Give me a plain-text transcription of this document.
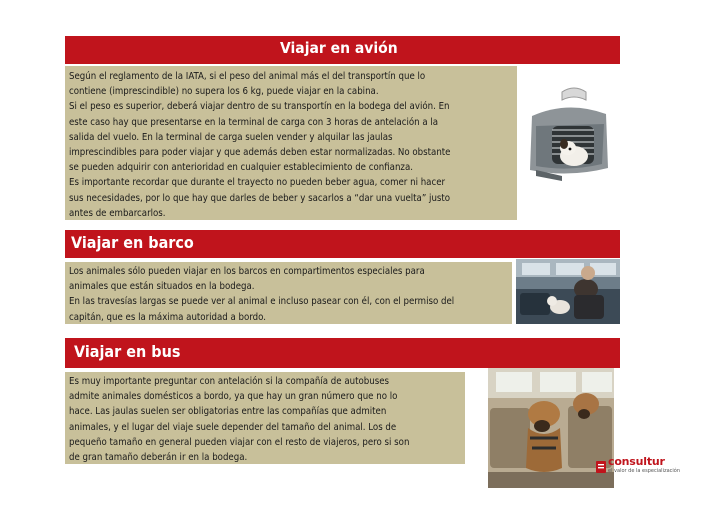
Viajar en avión

Según el reglamento de la IATA, si el peso del animal más el del transportín que lo

contiene (imprescindible) no supera los 6 kg, puede viajar en la cabina.

Si el peso es superior, deberá viajar dentro de su transportín en la bodega del avión. En

este caso hay que presentarse en la terminal de carga con 3 horas de antelación a la

salida del vuelo. En la terminal de carga suelen vender y alquilar las jaulas

imprescindibles para poder viajar y que además deben estar normalizadas. No obstante

se pueden adquirir con anterioridad en cualquier establecimiento de confianza.

Es importante recordar que durante el trayecto no pueden beber agua, comer ni hacer

sus necesidades, por lo que hay que darles de beber y sacarlos a “dar una vuelta” justo

antes de embarcarlos.

Viajar en barco

Los animales sólo pueden viajar en los barcos en compartimentos especiales para

animales que están situados en la bodega.

En las travesías largas se puede ver al animal e incluso pasear con él, con el permiso del

capitán, que es la máxima autoridad a bordo.

Viajar en bus

Es muy importante preguntar con antelación si la compañía de autobuses

admite animales domésticos a bordo, ya que hay un gran número que no lo

hace. Las jaulas suelen ser obligatorias entre las compañías que admiten

animales, y el lugar del viaje suele depender del tamaño del animal. Los de

pequeño tamaño en general pueden viajar con el resto de viajeros, pero si son

de gran tamaño deberán ir en la bodega.	consultur
el valor de la especialización
